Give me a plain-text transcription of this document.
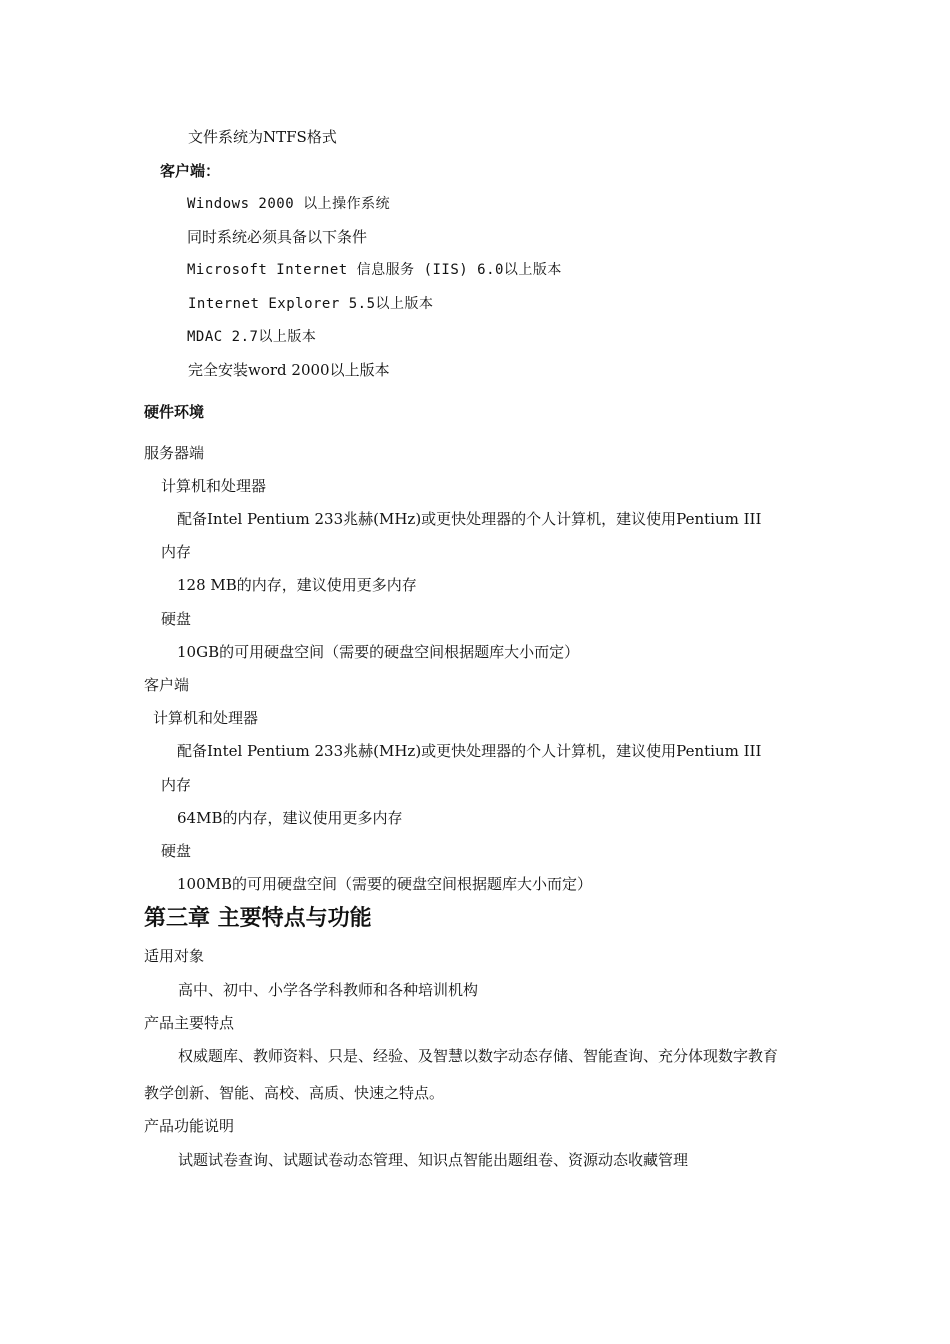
文件系统为NTFS格式
客户端：
Windows 2000 以上操作系统
同时系统必须具备以下条件
Microsoft Internet 信息服务 (IIS) 6.0以上版本
Internet Explorer 5.5以上版本
MDAC 2.7以上版本
完全安装word 2000以上版本
硬件环境
服务器端
计算机和处理器
配备Intel Pentium 233兆赫(MHz)或更快处理器的个人计算机，建议使用Pentium III
内存
128 MB的内存，建议使用更多内存
硬盘
10GB的可用硬盘空间（需要的硬盘空间根据题库大小而定）
客户端
计算机和处理器
配备Intel Pentium 233兆赫(MHz)或更快处理器的个人计算机，建议使用Pentium III
内存
64MB的内存，建议使用更多内存
硬盘
100MB的可用硬盘空间（需要的硬盘空间根据题库大小而定）
第三章 主要特点与功能
适用对象
高中、初中、小学各学科教师和各种培训机构
产品主要特点
权威题库、教师资料、只是、经验、及智慧以数字动态存储、智能查询、充分体现数字教育
教学创新、智能、高校、高质、快速之特点。
产品功能说明
试题试卷查询、试题试卷动态管理、知识点智能出题组卷、资源动态收藏管理
